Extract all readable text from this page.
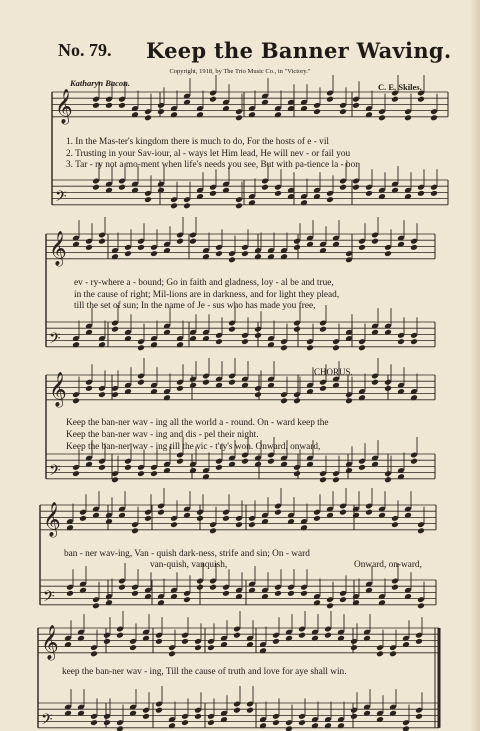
𝄞
𝄢
𝄞
𝄢
𝄞
𝄢
𝄞
𝄢
𝄞
𝄢
No. 79. Keep the Banner Waving.
Copyright, 1918, by The Trio Music Co., in "Victory."
Katharyn Bacon.	C. E. Skiles.
1. In the Mas-ter's kingdom there is much to do, For the hosts of e - vil
2. Trusting in your Sav-iour, al - ways let Him lead, He will nev - or fail you
3. Tar - ry not a mo-ment when life's needs you see, But with pa-tience la - bor
ev - ry-where a - bound; Go in faith and gladness, loy - al be and true,
in the cause of right; Mil-lions are in darkness, and for light they plead,
till the set of sun; In the name of Je - sus who has made you free,
CHORUS.
Keep the ban-ner wav - ing all the world a - round. On - ward keep the
Keep the ban-ner wav - ing and dis - pel their night.
Keep the ban-ner wav - ing till the vic - t'ry's won. Onward, onward,
ban - ner wav-ing, Van - quish dark-ness, strife and sin; On - ward
van-quish, vanquish,	Onward, on-ward,
keep the ban-ner wav - ing, Till the cause of truth and love for aye shall win.
